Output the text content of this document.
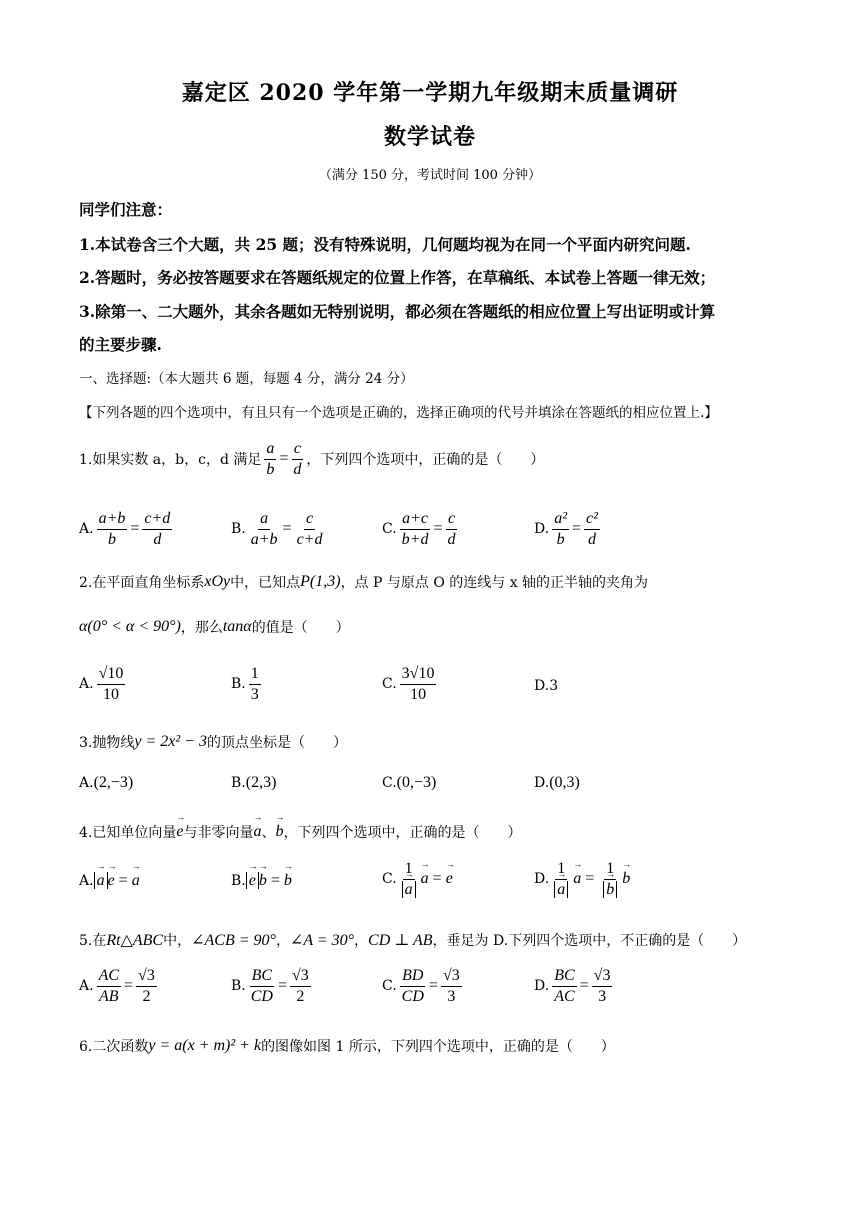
嘉定区 2020 学年第一学期九年级期末质量调研
数学试卷
（满分 150 分，考试时间 100 分钟）
同学们注意：
1.本试卷含三个大题，共 25 题；没有特殊说明，几何题均视为在同一个平面内研究问题.
2.答题时，务必按答题要求在答题纸规定的位置上作答，在草稿纸、本试卷上答题一律无效；
3.除第一、二大题外，其余各题如无特别说明，都必须在答题纸的相应位置上写出证明或计算
的主要步骤.
一、选择题:（本大题共 6 题，每题 4 分，满分 24 分）
【下列各题的四个选项中，有且只有一个选项是正确的，选择正确项的代号并填涂在答题纸的相应位置上.】
1.如果实数 a，b，c，d 满足 $\frac{a}{b} = \frac{c}{d}$ ，下列四个选项中，正确的是（　　）
A. $\frac{a+b}{b} = \frac{c+d}{d}$	B. $\frac{a}{a+b} = \frac{c}{c+d}$	C. $\frac{a+c}{b+d} = \frac{c}{d}$	D. $\frac{\text{a²}}{b} = \frac{\text{c²}}{d}$
2.在平面直角坐标系 xOy 中，已知点 P(1,3) ，点 P 与原点 O 的连线与 x 轴的正半轴的夹角为
α(0° < α < 90°) ，那么 tanα 的值是（　　）
A. $\frac{√10}{10}$	B. $\frac{1}{3}$	C. $\frac{3√10}{10}$	D. 3
3.抛物线 y = 2x² − 3 的顶点坐标是（　　）
A. (2,−3)	B. (2,3)	C. (0,−3)	D. (0,3)
4.已知单位向量 → e 与非零向量 → a 、 → b ，下列四个选项中，正确的是（　　）
A. → a → e = → a	B. → e → b = → b	C. 1
→ a → a = → e	D. 1
→ a → a = 1
→ b → b
5.在 Rt△ABC 中， ∠ACB = 90° ， ∠A = 30° ， CD ⊥ AB ，垂足为 D.下列四个选项中，不正确的是（　　）
A. $\frac{AC}{AB} = \frac{√3}{2}$	B. $\frac{BC}{CD} = \frac{√3}{2}$	C. $\frac{BD}{CD} = \frac{√3}{3}$	D. $\frac{BC}{AC} = \frac{√3}{3}$
6.二次函数 y = a(x + m)² + k 的图像如图 1 所示，下列四个选项中，正确的是（　　）
